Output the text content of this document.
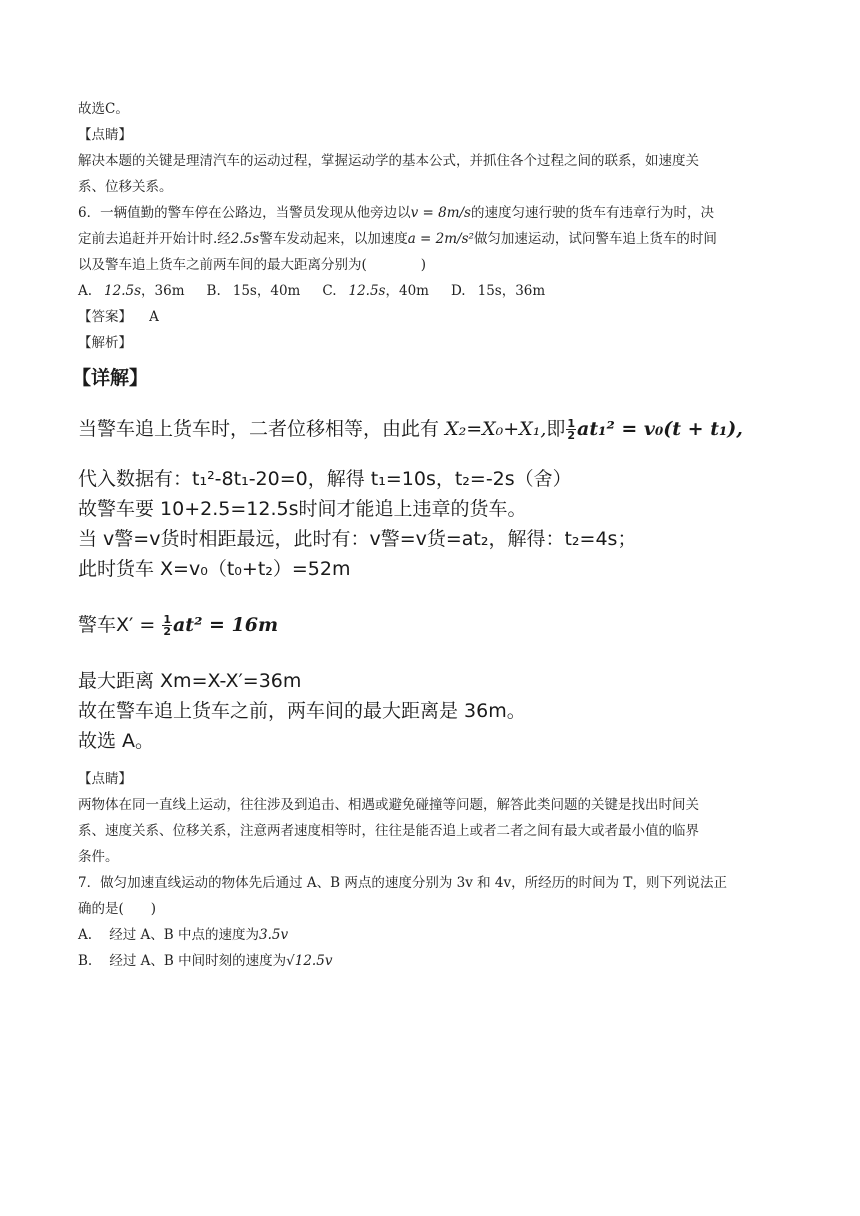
故选C。

【点睛】

解决本题的关键是理清汽车的运动过程，掌握运动学的基本公式，并抓住各个过程之间的联系，如速度关

系、位移关系。

6．一辆值勤的警车停在公路边，当警员发现从他旁边以v = 8m/s的速度匀速行驶的货车有违章行为时，决

定前去追赶并开始计时.经2.5s警车发动起来，以加速度a = 2m/s²做匀加速运动，试问警车追上货车的时间

以及警车追上货车之前两车间的最大距离分别为(　　　　)

A. 12.5s，36m B. 15s，40m C. 12.5s，40m D. 15s，36m

【答案】 A

【解析】

【详解】

当警车追上货车时，二者位移相等，由此有 X₂=X₀+X₁,即 $\frac{1}{2} at_1^2 = v_0(t + t_1)$,

代入数据有：t₁²-8t₁-20=0，解得 t₁=10s，t₂=-2s（舍）

故警车要 10+2.5=12.5s时间才能追上违章的货车。

当 v警=v货时相距最远，此时有：v警=v货=at₂，解得：t₂=4s；

此时货车 X=v₀（t₀+t₂）=52m

警车$X' = \frac{1}{2} at^2 = 16m$

最大距离 Xm=X-X′=36m

故在警车追上货车之前，两车间的最大距离是 36m。

故选 A。

【点睛】

两物体在同一直线上运动，往往涉及到追击、相遇或避免碰撞等问题，解答此类问题的关键是找出时间关

系、速度关系、位移关系，注意两者速度相等时，往往是能否追上或者二者之间有最大或者最小值的临界

条件。

7．做匀加速直线运动的物体先后通过 A、B 两点的速度分别为 3v 和 4v，所经历的时间为 T，则下列说法正

确的是(　　)

A. 经过 A、B 中点的速度为3.5v

B. 经过 A、B 中间时刻的速度为√12.5v
